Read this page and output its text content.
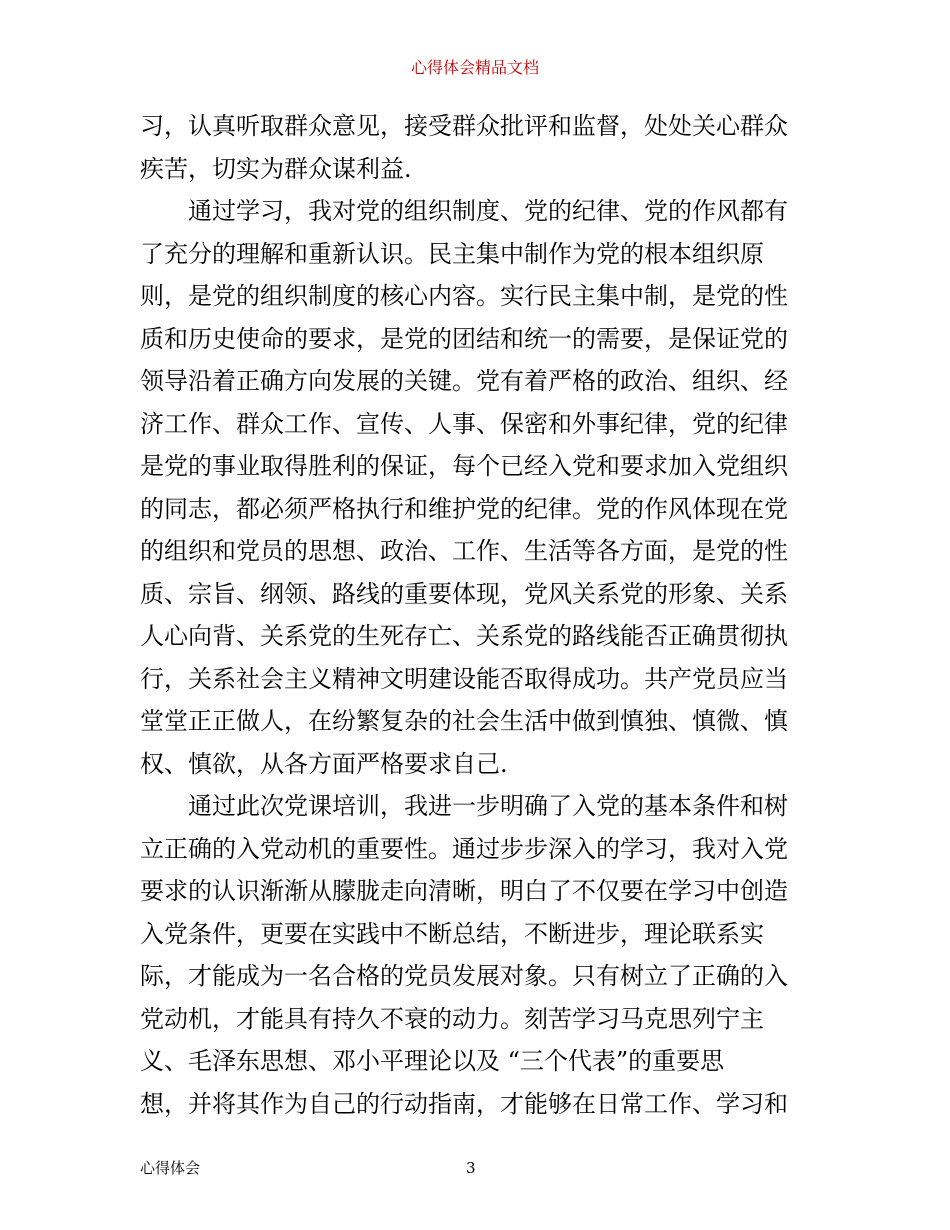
心得体会精品文档
习，认真听取群众意见，接受群众批评和监督，处处关心群众
疾苦，切实为群众谋利益.
通过学习，我对党的组织制度、党的纪律、党的作风都有
了充分的理解和重新认识。民主集中制作为党的根本组织原
则，是党的组织制度的核心内容。实行民主集中制，是党的性
质和历史使命的要求，是党的团结和统一的需要，是保证党的
领导沿着正确方向发展的关键。党有着严格的政治、组织、经
济工作、群众工作、宣传、人事、保密和外事纪律，党的纪律
是党的事业取得胜利的保证，每个已经入党和要求加入党组织
的同志，都必须严格执行和维护党的纪律。党的作风体现在党
的组织和党员的思想、政治、工作、生活等各方面，是党的性
质、宗旨、纲领、路线的重要体现，党风关系党的形象、关系
人心向背、关系党的生死存亡、关系党的路线能否正确贯彻执
行，关系社会主义精神文明建设能否取得成功。共产党员应当
堂堂正正做人，在纷繁复杂的社会生活中做到慎独、慎微、慎
权、慎欲，从各方面严格要求自己.
通过此次党课培训，我进一步明确了入党的基本条件和树
立正确的入党动机的重要性。通过步步深入的学习，我对入党
要求的认识渐渐从朦胧走向清晰，明白了不仅要在学习中创造
入党条件，更要在实践中不断总结，不断进步，理论联系实
际，才能成为一名合格的党员发展对象。只有树立了正确的入
党动机，才能具有持久不衰的动力。刻苦学习马克思列宁主
义、毛泽东思想、邓小平理论以及 “三个代表”的重要思
想，并将其作为自己的行动指南，才能够在日常工作、学习和
心得体会	3
